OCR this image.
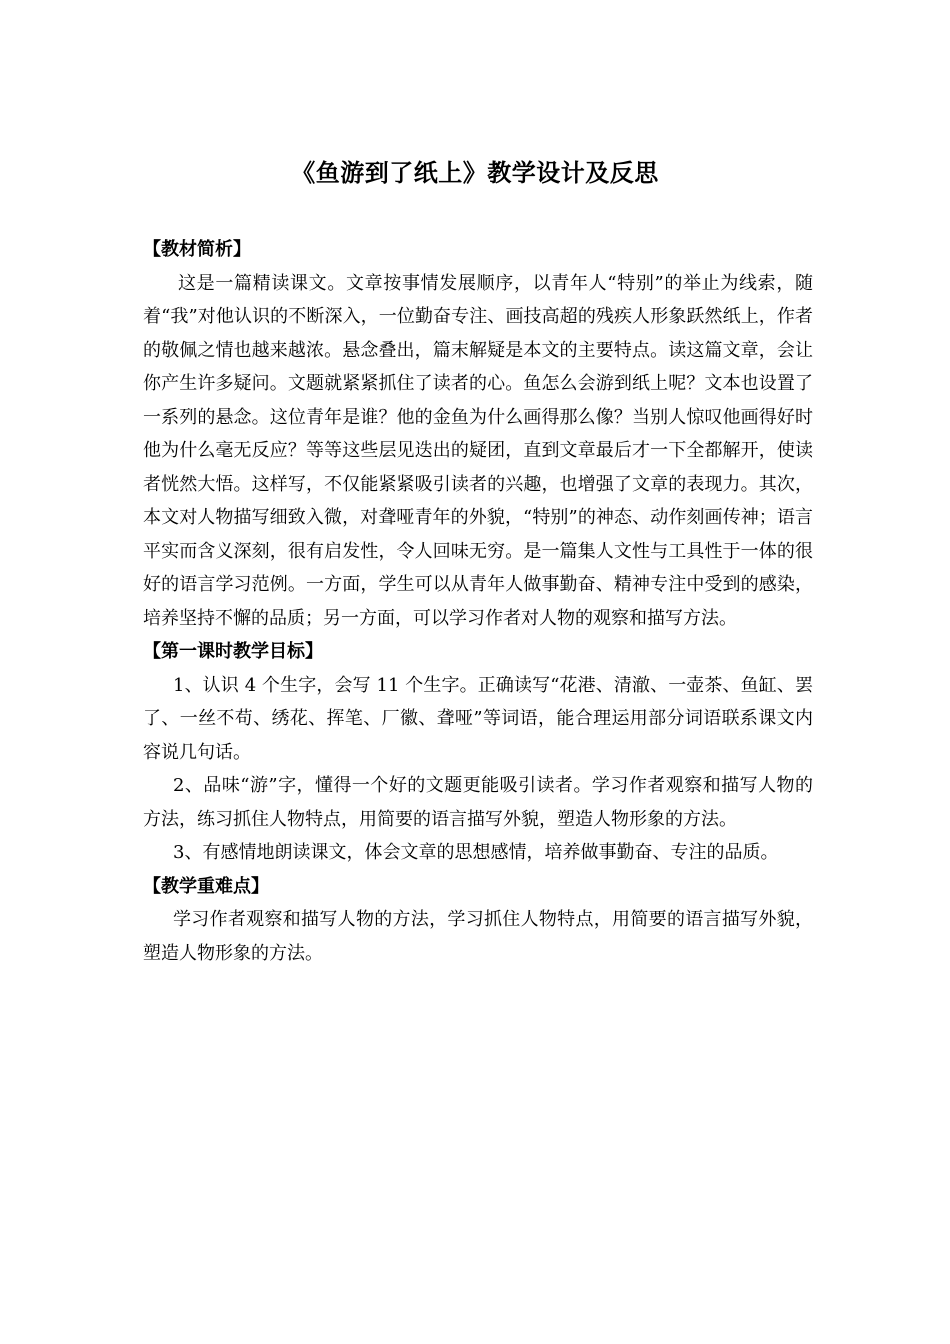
《鱼游到了纸上》教学设计及反思

【教材简析】

这是一篇精读课文。文章按事情发展顺序，以青年人“特别”的举止为线索，随着“我”对他认识的不断深入，一位勤奋专注、画技高超的残疾人形象跃然纸上，作者的敬佩之情也越来越浓。悬念叠出，篇末解疑是本文的主要特点。读这篇文章，会让你产生许多疑问。文题就紧紧抓住了读者的心。鱼怎么会游到纸上呢？文本也设置了一系列的悬念。这位青年是谁？他的金鱼为什么画得那么像？当别人惊叹他画得好时他为什么毫无反应？等等这些层见迭出的疑团，直到文章最后才一下全都解开，使读者恍然大悟。这样写，不仅能紧紧吸引读者的兴趣，也增强了文章的表现力。其次，本文对人物描写细致入微，对聋哑青年的外貌，“特别”的神态、动作刻画传神；语言平实而含义深刻，很有启发性，令人回味无穷。是一篇集人文性与工具性于一体的很好的语言学习范例。一方面，学生可以从青年人做事勤奋、精神专注中受到的感染，培养坚持不懈的品质；另一方面，可以学习作者对人物的观察和描写方法。

【第一课时教学目标】

1、认识 4 个生字，会写 11 个生字。正确读写“花港、清澈、一壶茶、鱼缸、罢了、一丝不苟、绣花、挥笔、厂徽、聋哑”等词语，能合理运用部分词语联系课文内容说几句话。

2、品味“游”字，懂得一个好的文题更能吸引读者。学习作者观察和描写人物的方法，练习抓住人物特点，用简要的语言描写外貌，塑造人物形象的方法。

3、有感情地朗读课文，体会文章的思想感情，培养做事勤奋、专注的品质。

【教学重难点】

学习作者观察和描写人物的方法，学习抓住人物特点，用简要的语言描写外貌，塑造人物形象的方法。
